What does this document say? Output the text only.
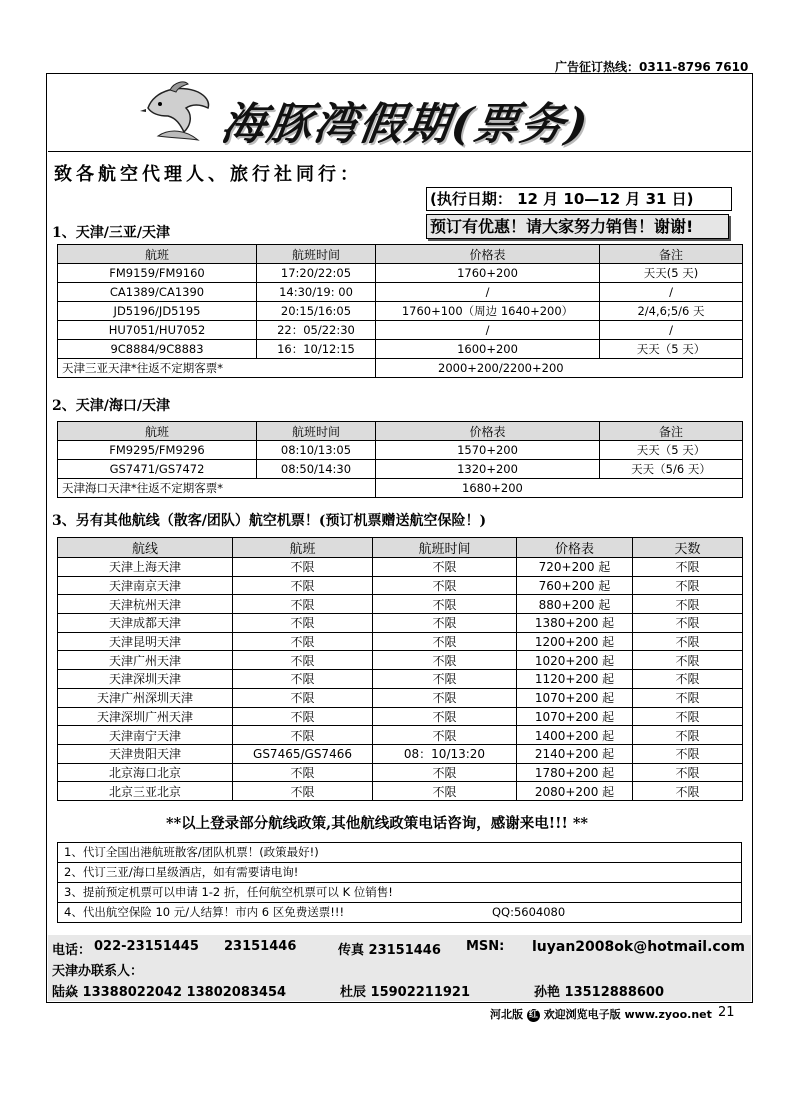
广告征订热线：0311-8796 7610
海豚湾假期(票务)
致各航空代理人、旅行社同行：
(执行日期： 12 月 10—12 月 31 日)
预订有优惠！请大家努力销售！谢谢!
1、天津/三亚/天津
航班	航班时间	价格表	备注
FM9159/FM9160	17:20/22:05	1760+200	天天(5 天)
CA1389/CA1390	14:30/19: 00	/	/
JD5196/JD5195	20:15/16:05	1760+100（周边 1640+200）	2/4,6;5/6 天
HU7051/HU7052	22：05/22:30	/	/
9C8884/9C8883	16：10/12:15	1600+200	天天（5 天）
天津三亚天津*往返不定期客票*		2000+200/2200+200	
2、天津/海口/天津
航班	航班时间	价格表	备注
FM9295/FM9296	08:10/13:05	1570+200	天天（5 天）
GS7471/GS7472	08:50/14:30	1320+200	天天（5/6 天）
天津海口天津*往返不定期客票*		1680+200	
3、另有其他航线（散客/团队）航空机票！(预订机票赠送航空保险！)
航线	航班	航班时间	价格表	天数
天津上海天津	不限	不限	720+200 起	不限
天津南京天津	不限	不限	760+200 起	不限
天津杭州天津	不限	不限	880+200 起	不限
天津成都天津	不限	不限	1380+200 起	不限
天津昆明天津	不限	不限	1200+200 起	不限
天津广州天津	不限	不限	1020+200 起	不限
天津深圳天津	不限	不限	1120+200 起	不限
天津广州深圳天津	不限	不限	1070+200 起	不限
天津深圳广州天津	不限	不限	1070+200 起	不限
天津南宁天津	不限	不限	1400+200 起	不限
天津贵阳天津	GS7465/GS7466	08：10/13:20	2140+200 起	不限
北京海口北京	不限	不限	1780+200 起	不限
北京三亚北京	不限	不限	2080+200 起	不限
**以上登录部分航线政策,其他航线政策电话咨询，感谢来电!!! **
1、代订全国出港航班散客/团队机票！(政策最好!)
2、代订三亚/海口星级酒店，如有需要请电询!
3、提前预定机票可以申请 1-2 折，任何航空机票可以 K 位销售!
4、代出航空保险 10 元/人结算！市内 6 区免费送票!!!	QQ:5604080
电话： 022-23151445 23151446	传真 23151446 MSN: luyan2008ok@hotmail.com
天津办联系人：
陆焱 13388022042 13802083454	杜辰 15902211921	孙艳 13512888600
河北版 红 欢迎浏览电子版 www.zyoo.net 21
